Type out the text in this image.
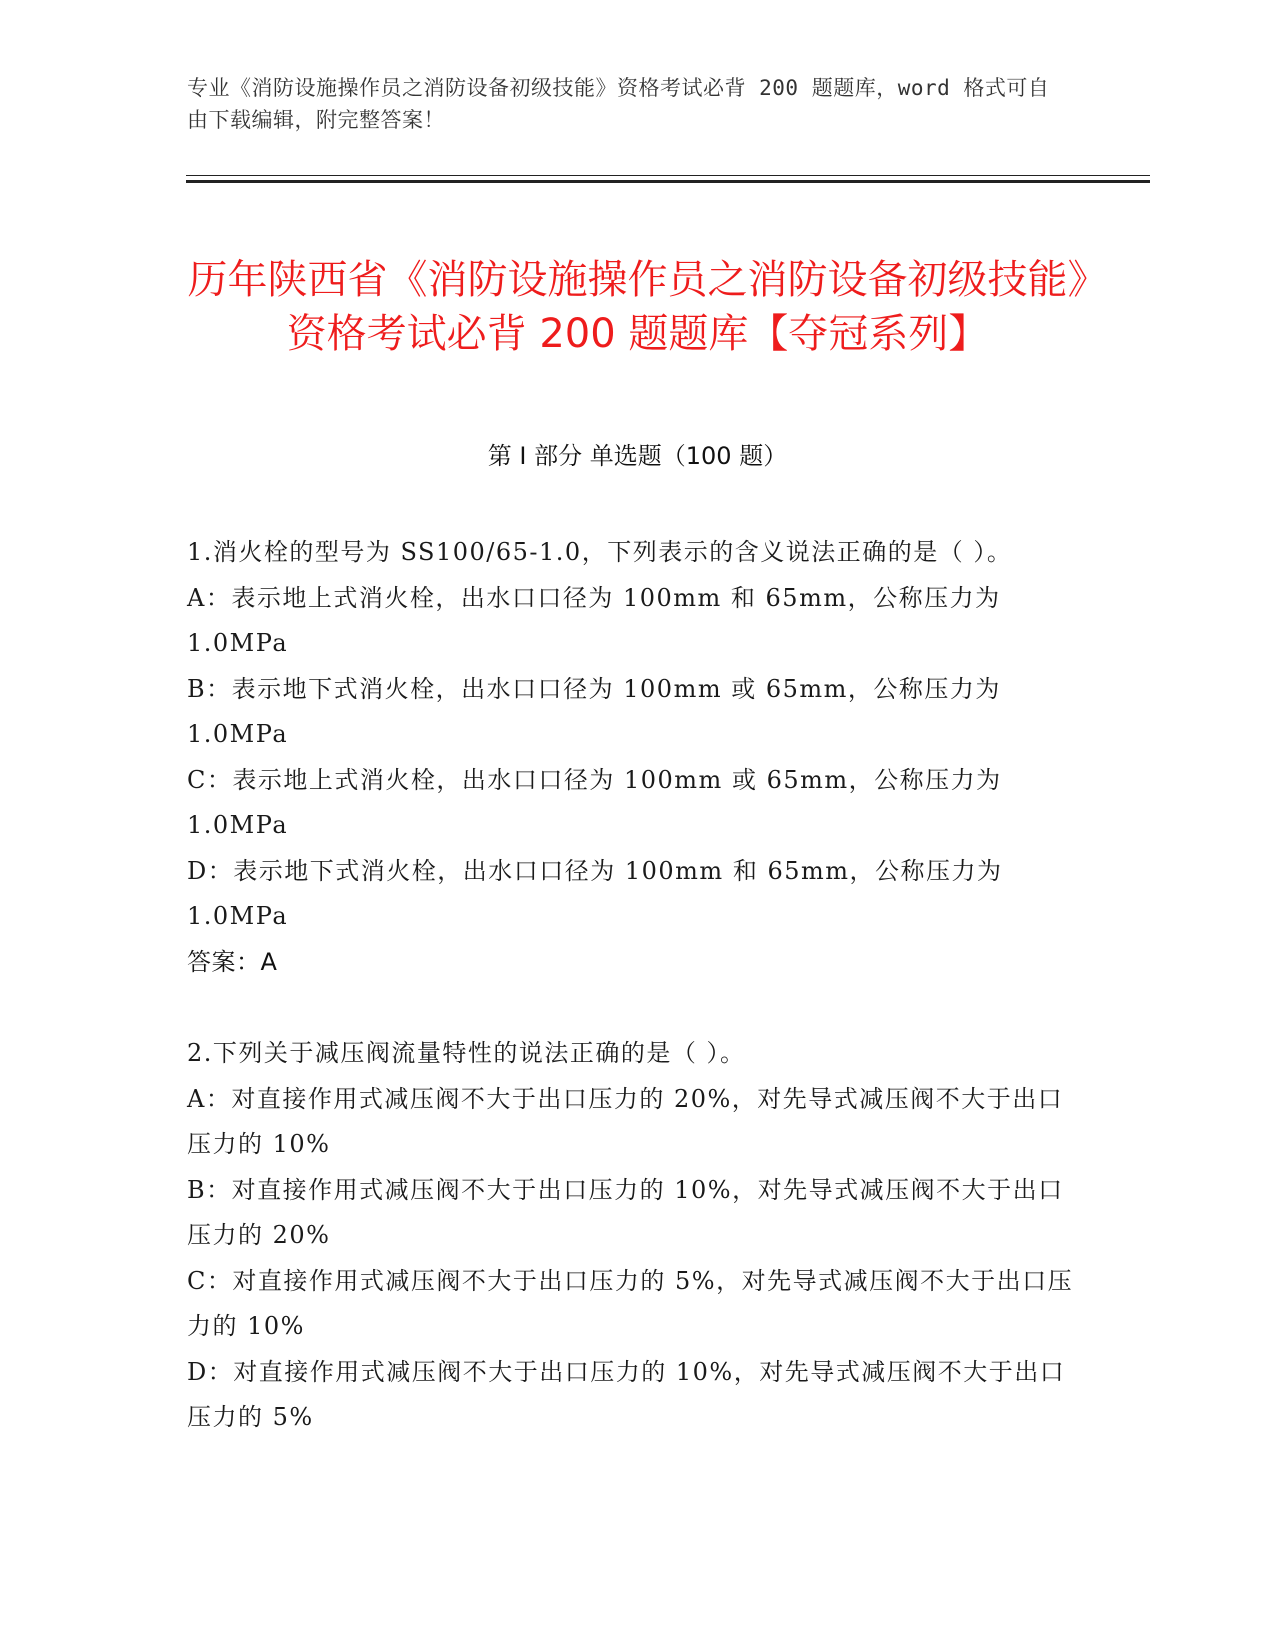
专业《消防设施操作员之消防设备初级技能》资格考试必背 200 题题库，word 格式可自由下载编辑，附完整答案！
历年陕西省《消防设施操作员之消防设备初级技能》资格考试必背 200 题题库【夺冠系列】
第 I 部分 单选题（100 题）
1.消火栓的型号为 SS100/65-1.0，下列表示的含义说法正确的是（ ）。
A：表示地上式消火栓，出水口口径为 100mm 和 65mm，公称压力为 1.0MPa
B：表示地下式消火栓，出水口口径为 100mm 或 65mm，公称压力为 1.0MPa
C：表示地上式消火栓，出水口口径为 100mm 或 65mm，公称压力为 1.0MPa
D：表示地下式消火栓，出水口口径为 100mm 和 65mm，公称压力为 1.0MPa
答案：A
2.下列关于减压阀流量特性的说法正确的是（ ）。
A：对直接作用式减压阀不大于出口压力的 20%，对先导式减压阀不大于出口压力的 10%
B：对直接作用式减压阀不大于出口压力的 10%，对先导式减压阀不大于出口压力的 20%
C：对直接作用式减压阀不大于出口压力的 5%，对先导式减压阀不大于出口压力的 10%
D：对直接作用式减压阀不大于出口压力的 10%，对先导式减压阀不大于出口压力的 5%
